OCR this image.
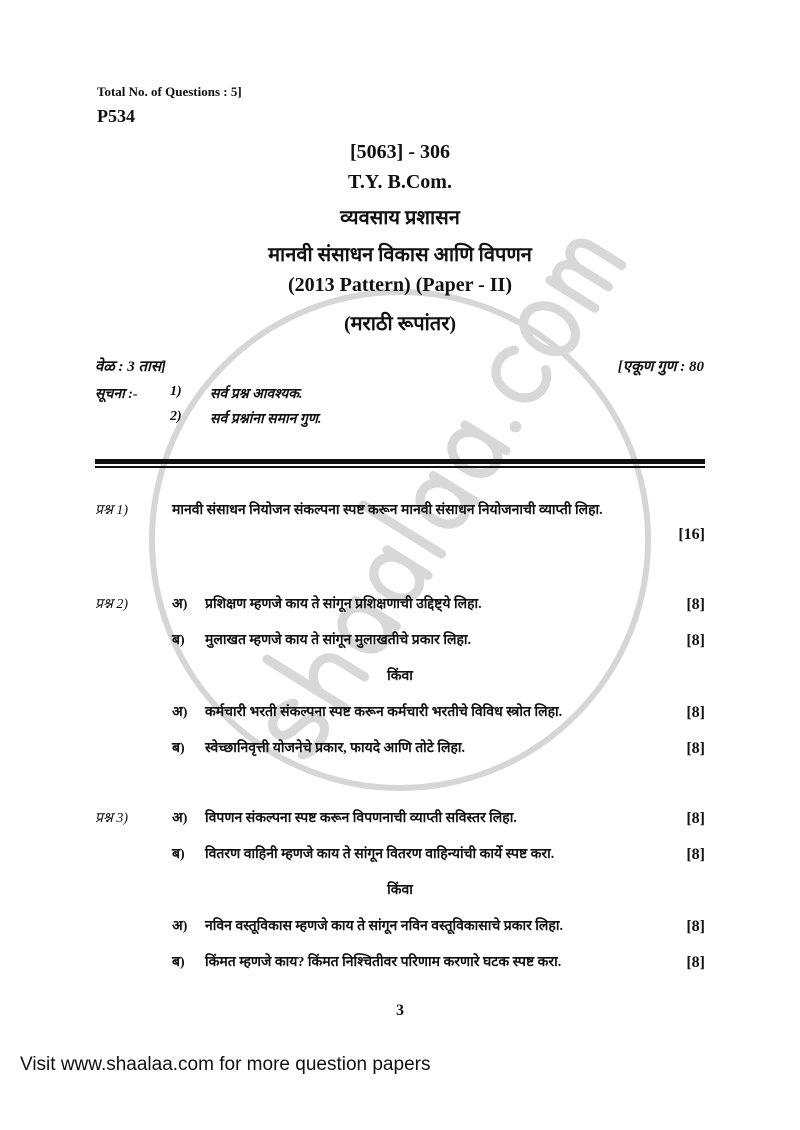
Total No. of Questions : 5]
P534
[5063] - 306
T.Y. B.Com.
व्यवसाय प्रशासन
मानवी संसाधन विकास आणि विपणन
(2013 Pattern) (Paper - II)
(मराठी रूपांतर)
वेळ : 3 तास]	[एकूण गुण : 80
सूचना :- 1) सर्व प्रश्न आवश्यक.
2) सर्व प्रश्नांना समान गुण.
प्रश्न 1)	मानवी संसाधन नियोजन संकल्पना स्पष्ट करून मानवी संसाधन नियोजनाची व्याप्ती लिहा.
[16]
प्रश्न 2)	अ)	प्रशिक्षण म्हणजे काय ते सांगून प्रशिक्षणाची उद्दिष्ट्ये लिहा.	[8]
ब)	मुलाखत म्हणजे काय ते सांगून मुलाखतीचे प्रकार लिहा.	[8]
किंवा
अ)	कर्मचारी भरती संकल्पना स्पष्ट करून कर्मचारी भरतीचे विविध स्त्रोत लिहा.	[8]
ब)	स्वेच्छानिवृत्ती योजनेचे प्रकार, फायदे आणि तोटे लिहा.	[8]
प्रश्न 3)	अ)	विपणन संकल्पना स्पष्ट करून विपणनाची व्याप्ती सविस्तर लिहा.	[8]
ब)	वितरण वाहिनी म्हणजे काय ते सांगून वितरण वाहिन्यांची कार्ये स्पष्ट करा.	[8]
किंवा
अ)	नविन वस्तूविकास म्हणजे काय ते सांगून नविन वस्तूविकासाचे प्रकार लिहा.	[8]
ब)	किंमत म्हणजे काय? किंमत निश्चितीवर परिणाम करणारे घटक स्पष्ट करा.	[8]
3
Visit www.shaalaa.com for more question papers
